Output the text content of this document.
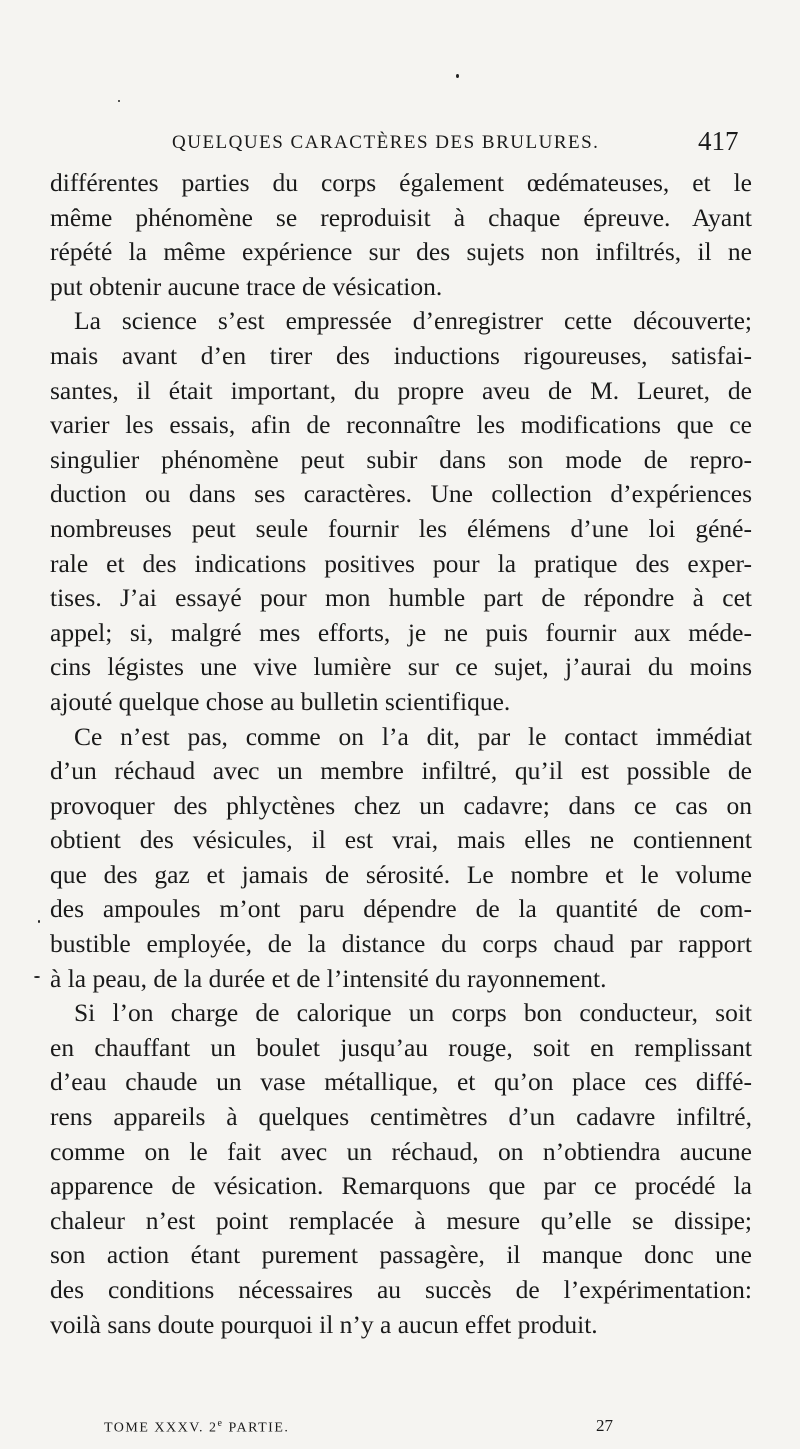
QUELQUES CARACTÈRES DES BRULURES.	417
différentes parties du corps également œdémateuses, et le
même phénomène se reproduisit à chaque épreuve. Ayant
répété la même expérience sur des sujets non infiltrés, il ne
put obtenir aucune trace de vésication.
La science s’est empressée d’enregistrer cette découverte;
mais avant d’en tirer des inductions rigoureuses, satisfai-
santes, il était important, du propre aveu de M. Leuret, de
varier les essais, afin de reconnaître les modifications que ce
singulier phénomène peut subir dans son mode de repro-
duction ou dans ses caractères. Une collection d’expériences
nombreuses peut seule fournir les élémens d’une loi géné-
rale et des indications positives pour la pratique des exper-
tises. J’ai essayé pour mon humble part de répondre à cet
appel; si, malgré mes efforts, je ne puis fournir aux méde-
cins légistes une vive lumière sur ce sujet, j’aurai du moins
ajouté quelque chose au bulletin scientifique.
Ce n’est pas, comme on l’a dit, par le contact immédiat
d’un réchaud avec un membre infiltré, qu’il est possible de
provoquer des phlyctènes chez un cadavre; dans ce cas on
obtient des vésicules, il est vrai, mais elles ne contiennent
que des gaz et jamais de sérosité. Le nombre et le volume
des ampoules m’ont paru dépendre de la quantité de com-
bustible employée, de la distance du corps chaud par rapport
à la peau, de la durée et de l’intensité du rayonnement.
Si l’on charge de calorique un corps bon conducteur, soit
en chauffant un boulet jusqu’au rouge, soit en remplissant
d’eau chaude un vase métallique, et qu’on place ces diffé-
rens appareils à quelques centimètres d’un cadavre infiltré,
comme on le fait avec un réchaud, on n’obtiendra aucune
apparence de vésication. Remarquons que par ce procédé la
chaleur n’est point remplacée à mesure qu’elle se dissipe;
son action étant purement passagère, il manque donc une
des conditions nécessaires au succès de l’expérimentation:
voilà sans doute pourquoi il n’y a aucun effet produit.
TOME XXXV. 2e PARTIE.	27
